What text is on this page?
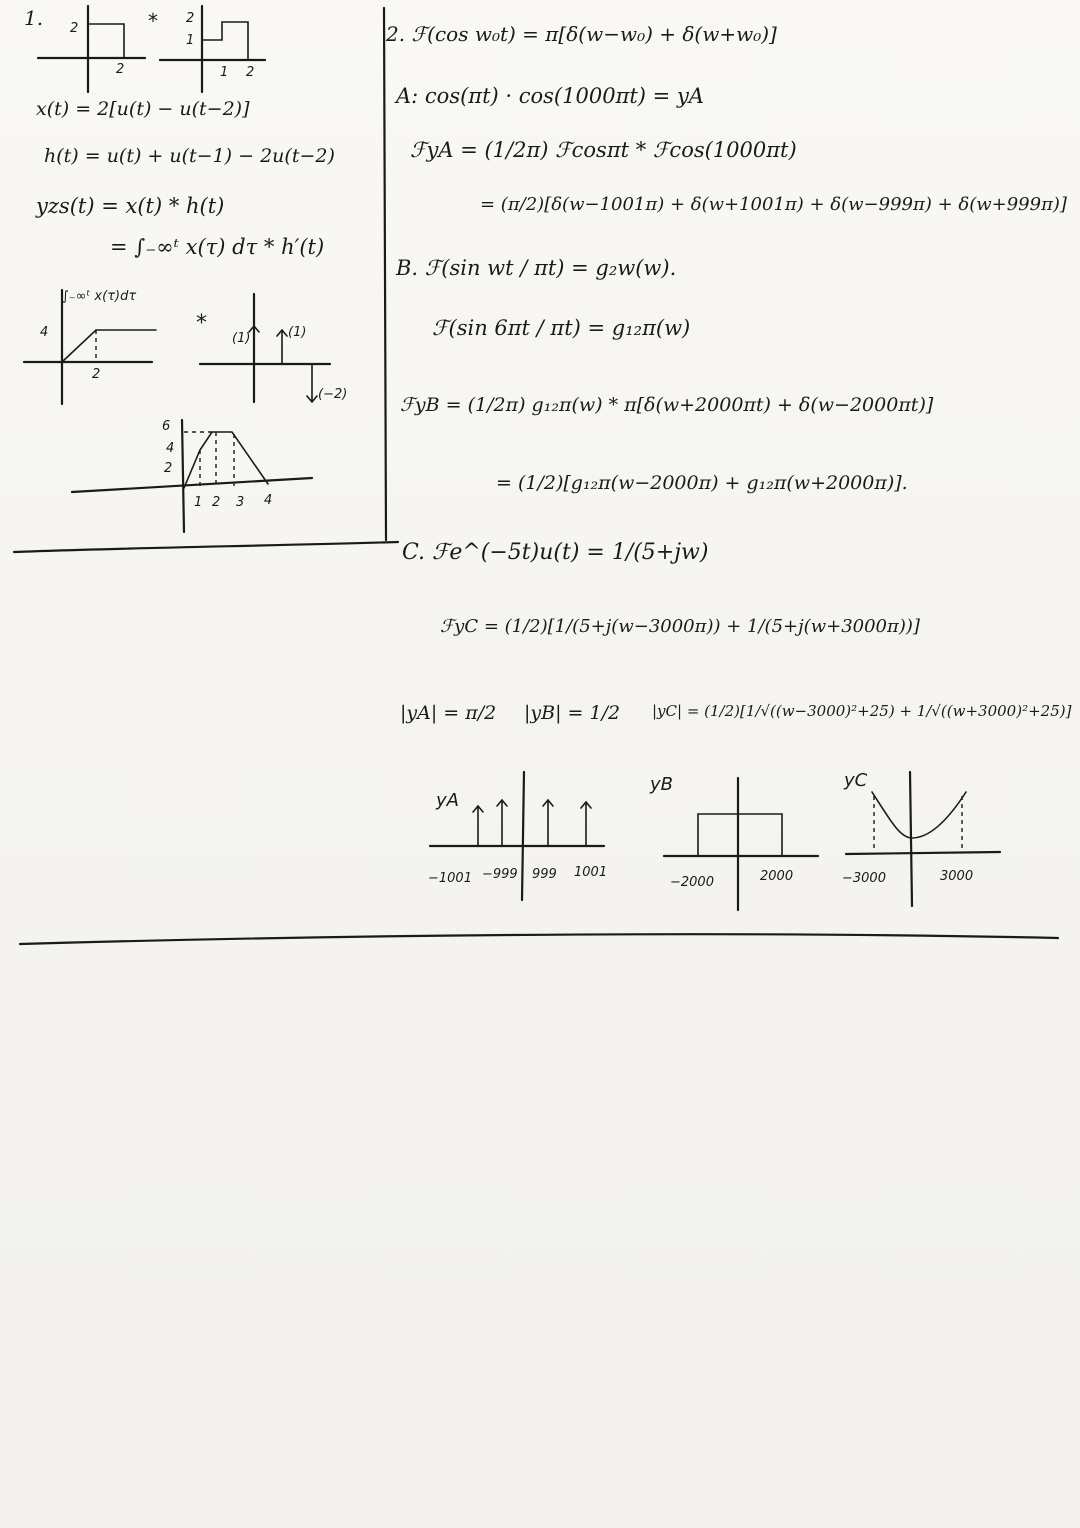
1.
x(t) = 2[u(t) − u(t−2)]
h(t) = u(t) + u(t−1) − 2u(t−2)
yzs(t) = x(t) * h(t)
= ∫₋∞ᵗ x(τ) dτ * h′(t)
2. ℱ(cos w₀t) = π[δ(w−w₀) + δ(w+w₀)]
A: cos(πt) · cos(1000πt) = yA
ℱyA = (1/2π) ℱcosπt * ℱcos(1000πt)
= (π/2)[δ(w−1001π) + δ(w+1001π) + δ(w−999π) + δ(w+999π)]
B. ℱ(sin wt / πt) = g₂w(w).
ℱ(sin 6πt / πt) = g₁₂π(w)
ℱyB = (1/2π) g₁₂π(w) * π[δ(w+2000πt) + δ(w−2000πt)]
= (1/2)[g₁₂π(w−2000π) + g₁₂π(w+2000π)].
C. ℱe^(−5t)u(t) = 1/(5+jw)
ℱyC = (1/2)[1/(5+j(w−3000π)) + 1/(5+j(w+3000π))]
|yA| = π/2 |yB| = 1/2 |yC| = (1/2)[1/√((w−3000)²+25) + 1/√((w+3000)²+25)]
2
2
* 2
1
1 2
∫₋∞ᵗ x(τ)dτ
4
2
*
(1)	(1)
(−2)
6
4
2
1 2 3 4
yA
−1001 −999 999 1001
yB
−2000	2000
yC
−3000	3000
